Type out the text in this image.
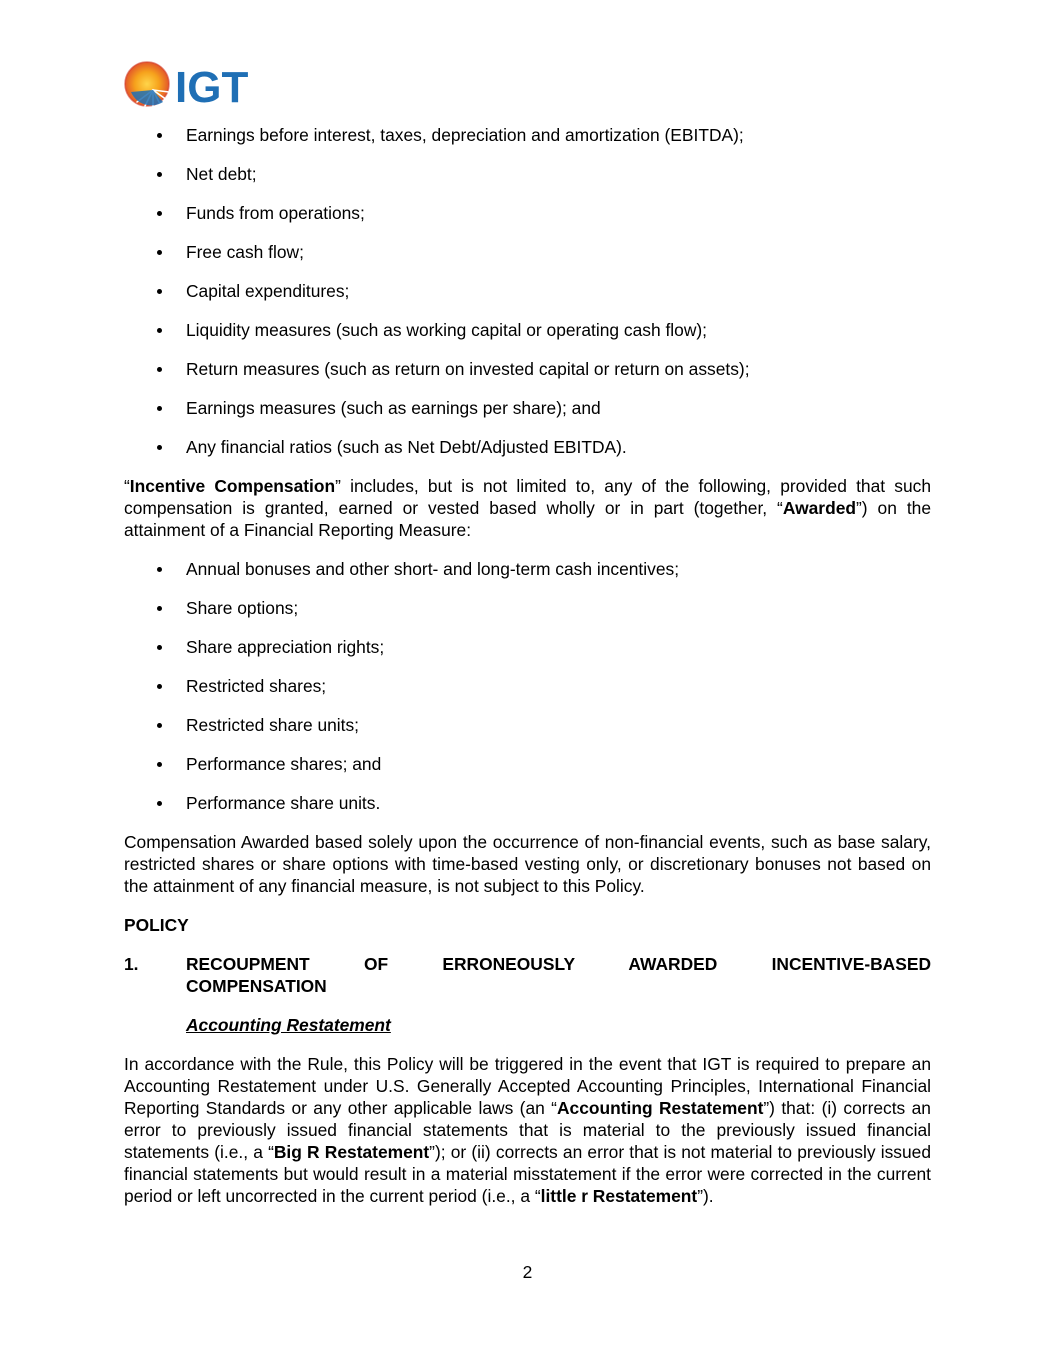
IGT
Earnings before interest, taxes, depreciation and amortization (EBITDA);
Net debt;
Funds from operations;
Free cash flow;
Capital expenditures;
Liquidity measures (such as working capital or operating cash flow);
Return measures (such as return on invested capital or return on assets);
Earnings measures (such as earnings per share); and
Any financial ratios (such as Net Debt/Adjusted EBITDA).

“Incentive Compensation” includes, but is not limited to, any of the following, provided that such compensation is granted, earned or vested based wholly or in part (together, “Awarded”) on the attainment of a Financial Reporting Measure:

Annual bonuses and other short- and long-term cash incentives;
Share options;
Share appreciation rights;
Restricted shares;
Restricted share units;
Performance shares; and
Performance share units.

Compensation Awarded based solely upon the occurrence of non-financial events, such as base salary, restricted shares or share options with time-based vesting only, or discretionary bonuses not based on the attainment of any financial measure, is not subject to this Policy.

POLICY
1.	RECOUPMENT OF ERRONEOUSLY AWARDED INCENTIVE-BASED
COMPENSATION
Accounting Restatement

In accordance with the Rule, this Policy will be triggered in the event that IGT is required to prepare an Accounting Restatement under U.S. Generally Accepted Accounting Principles, International Financial Reporting Standards or any other applicable laws (an “Accounting Restatement”) that: (i) corrects an error to previously issued financial statements that is material to the previously issued financial statements (i.e., a “Big R Restatement”); or (ii) corrects an error that is not material to previously issued financial statements but would result in a material misstatement if the error were corrected in the current period or left uncorrected in the current period (i.e., a “little r Restatement”).

2
